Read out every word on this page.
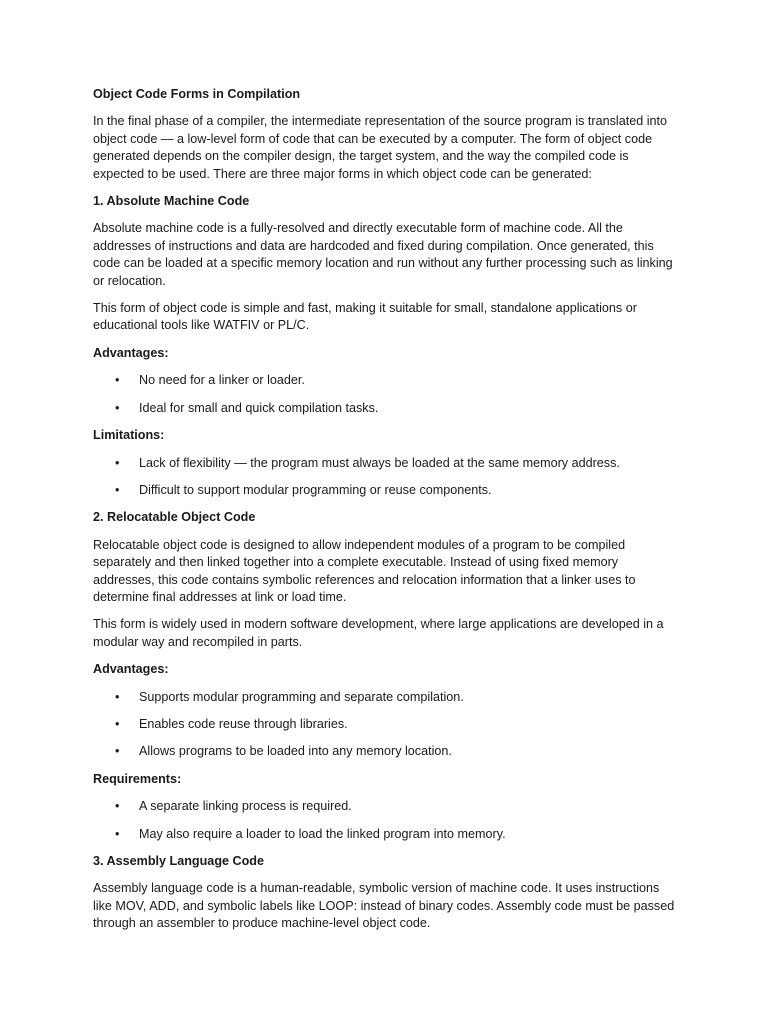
Object Code Forms in Compilation
In the final phase of a compiler, the intermediate representation of the source program is translated into object code — a low-level form of code that can be executed by a computer. The form of object code generated depends on the compiler design, the target system, and the way the compiled code is expected to be used. There are three major forms in which object code can be generated:
1. Absolute Machine Code
Absolute machine code is a fully-resolved and directly executable form of machine code. All the addresses of instructions and data are hardcoded and fixed during compilation. Once generated, this code can be loaded at a specific memory location and run without any further processing such as linking or relocation.
This form of object code is simple and fast, making it suitable for small, standalone applications or educational tools like WATFIV or PL/C.
Advantages:
• No need for a linker or loader.
• Ideal for small and quick compilation tasks.
Limitations:
• Lack of flexibility — the program must always be loaded at the same memory address.
• Difficult to support modular programming or reuse components.
2. Relocatable Object Code
Relocatable object code is designed to allow independent modules of a program to be compiled separately and then linked together into a complete executable. Instead of using fixed memory addresses, this code contains symbolic references and relocation information that a linker uses to determine final addresses at link or load time.
This form is widely used in modern software development, where large applications are developed in a modular way and recompiled in parts.
Advantages:
• Supports modular programming and separate compilation.
• Enables code reuse through libraries.
• Allows programs to be loaded into any memory location.
Requirements:
• A separate linking process is required.
• May also require a loader to load the linked program into memory.
3. Assembly Language Code
Assembly language code is a human-readable, symbolic version of machine code. It uses instructions like MOV, ADD, and symbolic labels like LOOP: instead of binary codes. Assembly code must be passed through an assembler to produce machine-level object code.
